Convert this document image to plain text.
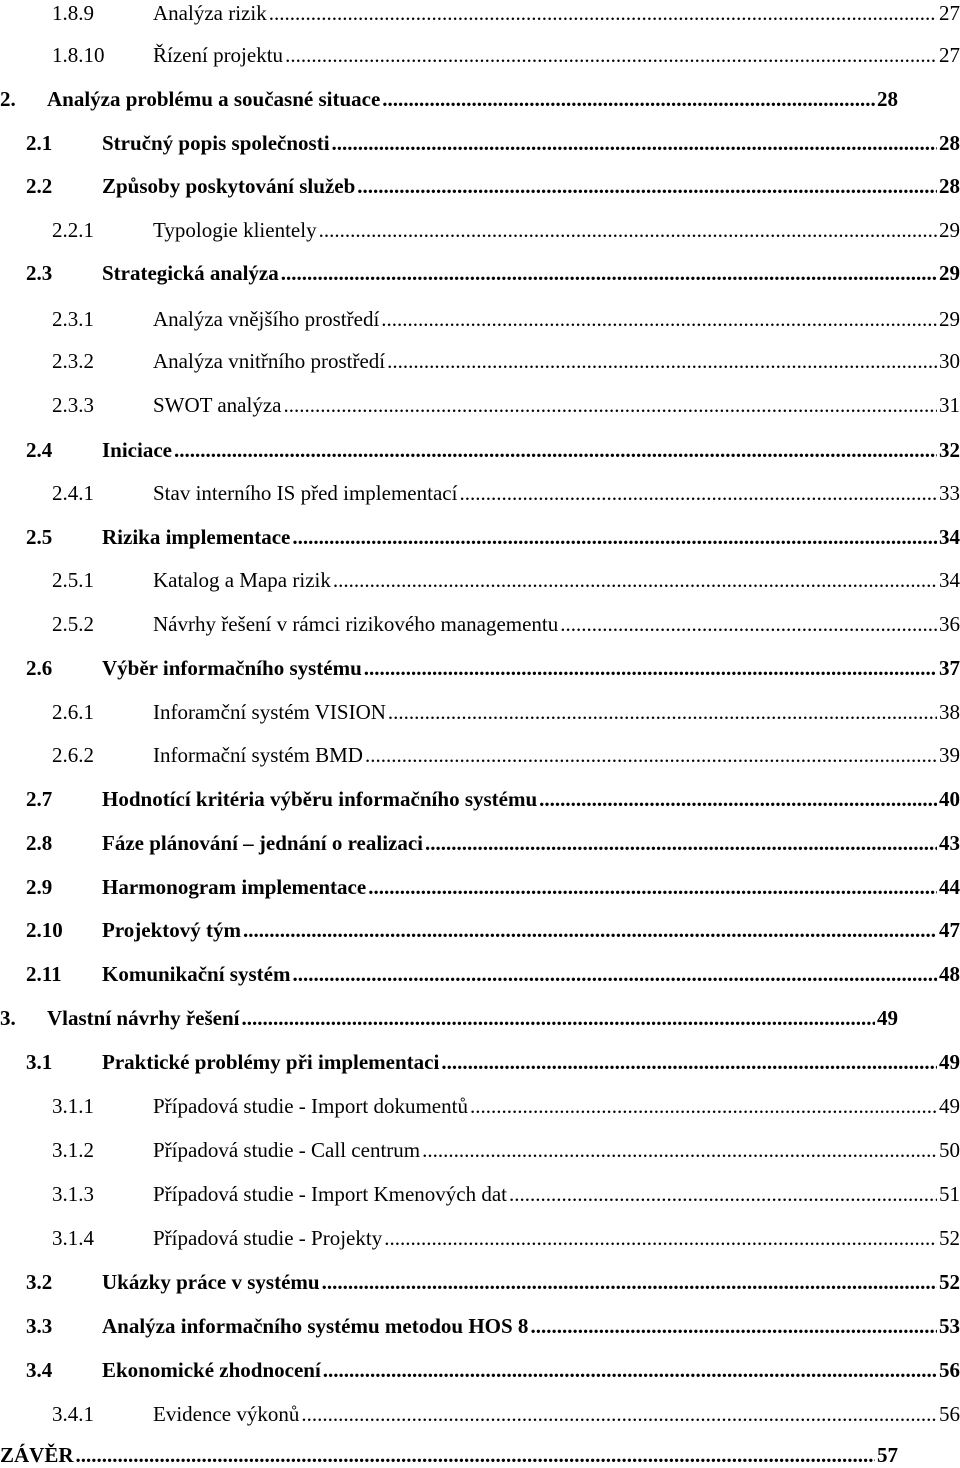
1.8.9	Analýza rizik .....	27
1.8.10	Řízení projektu .....	27
2.	Analýza problému a současné situace .....	28
2.1	Stručný popis společnosti .....	28
2.2	Způsoby poskytování služeb .....	28
2.2.1	Typologie klientely .....	29
2.3	Strategická analýza .....	29
2.3.1	Analýza vnějšího prostředí .....	29
2.3.2	Analýza vnitřního prostředí .....	30
2.3.3	SWOT analýza .....	31
2.4	Iniciace .....	32
2.4.1	Stav interního IS před implementací .....	33
2.5	Rizika implementace .....	34
2.5.1	Katalog a Mapa rizik .....	34
2.5.2	Návrhy řešení v rámci rizikového managementu .....	36
2.6	Výběr informačního systému .....	37
2.6.1	Inforamční systém VISION .....	38
2.6.2	Informační systém BMD .....	39
2.7	Hodnotící kritéria výběru informačního systému .....	40
2.8	Fáze plánování – jednání o realizaci .....	43
2.9	Harmonogram implementace .....	44
2.10	Projektový tým .....	47
2.11	Komunikační systém .....	48
3.	Vlastní návrhy řešení .....	49
3.1	Praktické problémy při implementaci .....	49
3.1.1	Případová studie - Import dokumentů .....	49
3.1.2	Případová studie - Call centrum .....	50
3.1.3	Případová studie - Import Kmenových dat .....	51
3.1.4	Případová studie - Projekty .....	52
3.2	Ukázky práce v systému .....	52
3.3	Analýza informačního systému metodou HOS 8 .....	53
3.4	Ekonomické zhodnocení .....	56
3.4.1	Evidence výkonů .....	56
ZÁVĚR .....	57
